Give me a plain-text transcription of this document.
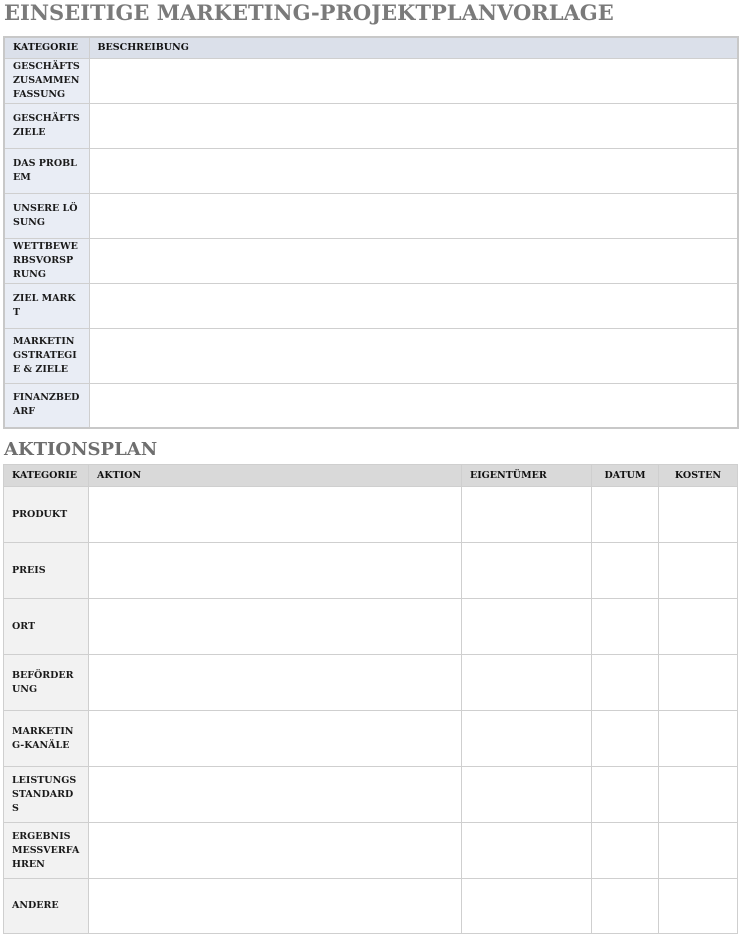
EINSEITIGE MARKETING-PROJEKTPLANVORLAGE
KATEGORIE	BESCHREIBUNG
GESCHÄFTSZUSAMMENFASSUNG	
GESCHÄFTSZIELE	
DAS PROBLEM	
UNSERE LÖSUNG	
WETTBEWERBSVORSPRUNG	
ZIEL MARKT	
MARKETINGSTRATEGIE & ZIELE	
FINANZBEDARF	
AKTIONSPLAN
KATEGORIE	AKTION	EIGENTÜMER	DATUM	KOSTEN
PRODUKT				
PREIS				
ORT				
BEFÖRDERUNG				
MARKETING-KANÄLE				
LEISTUNGSSTANDARDS				
ERGEBNISMESSVERFAHREN				
ANDERE				
